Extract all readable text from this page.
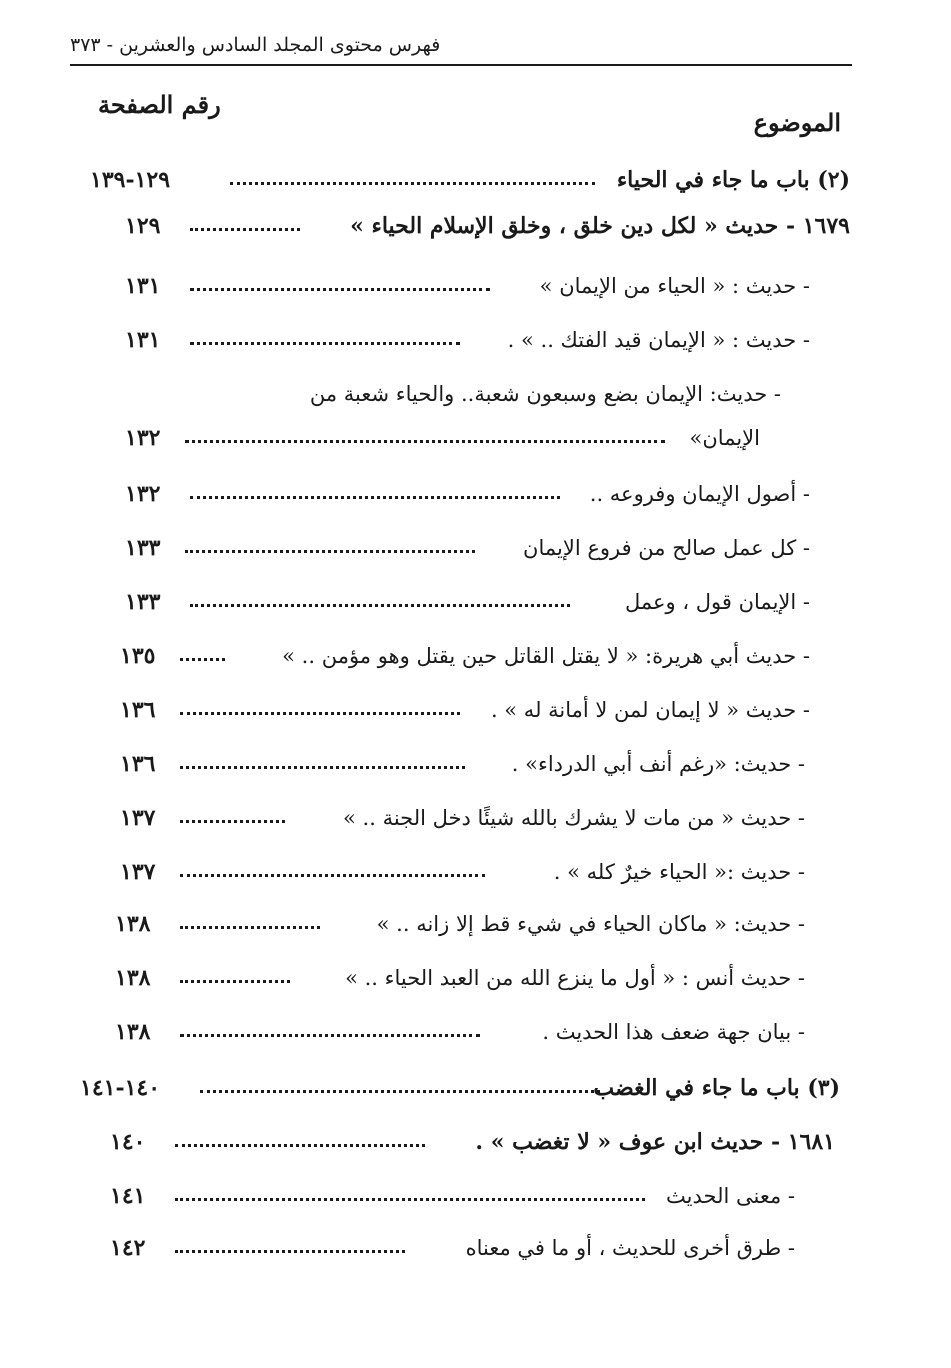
فهرس محتوى المجلد السادس والعشرين - ٣٧٣
رقم الصفحة
الموضوع
١٢٩-١٣٩	(٢) باب ما جاء في الحياء
١٢٩	١٦٧٩ - حديث « لكل دين خلق ، وخلق الإسلام الحياء »
١٣١	- حديث : « الحياء من الإيمان »
١٣١	- حديث : « الإيمان قيد الفتك .. » .
- حديث: الإيمان بضع وسبعون شعبة.. والحياء شعبة من
١٣٢	الإيمان»
١٣٢	- أصول الإيمان وفروعه ..
١٣٣	- كل عمل صالح من فروع الإيمان
١٣٣	- الإيمان قول ، وعمل
١٣٥	- حديث أبي هريرة: « لا يقتل القاتل حين يقتل وهو مؤمن .. »
١٣٦	- حديث « لا إيمان لمن لا أمانة له » .
١٣٦	- حديث: «رغم أنف أبي الدرداء» .
١٣٧	- حديث « من مات لا يشرك بالله شيئًا دخل الجنة .. »
١٣٧	- حديث :« الحياء خيرٌ كله » .
١٣٨	- حديث: « ماكان الحياء في شيء قط إلا زانه .. »
١٣٨	- حديث أنس : « أول ما ينزع الله من العبد الحياء .. »
١٣٨	- بيان جهة ضعف هذا الحديث .
١٤٠-١٤١	(٣) باب ما جاء في الغضب
١٤٠	١٦٨١ - حديث ابن عوف « لا تغضب » .
١٤١	- معنى الحديث
١٤٢	- طرق أخرى للحديث ، أو ما في معناه
